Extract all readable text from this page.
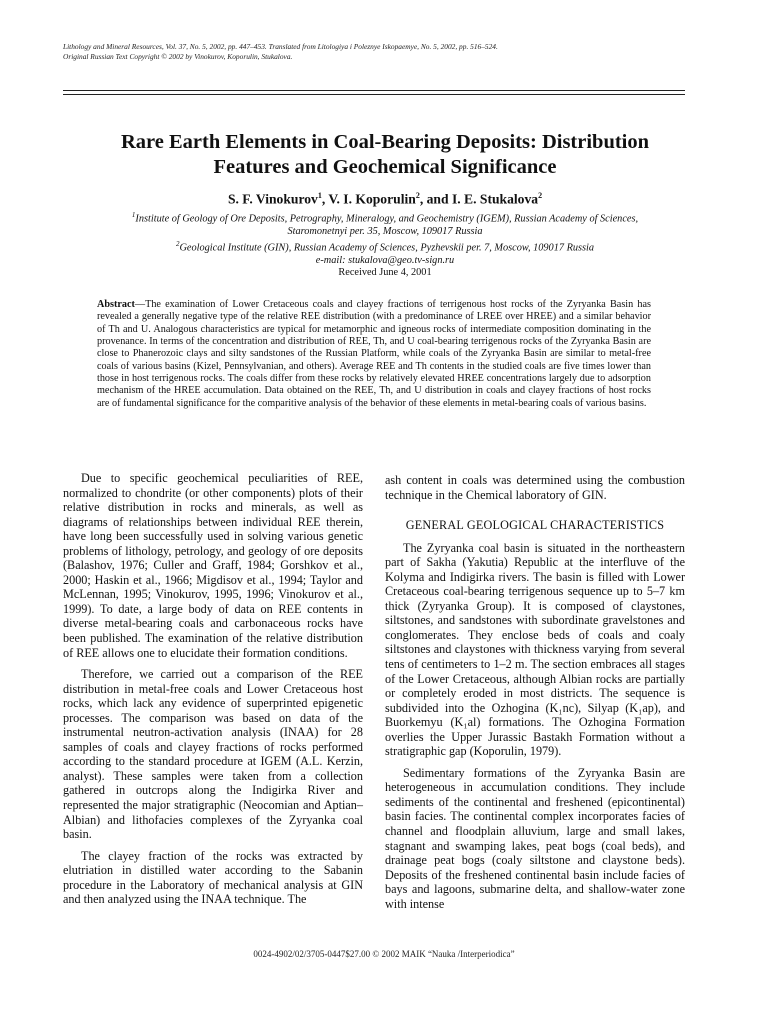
Lithology and Mineral Resources, Vol. 37, No. 5, 2002, pp. 447–453. Translated from Litologiya i Poleznye Iskopaemye, No. 5, 2002, pp. 516–524.
Original Russian Text Copyright © 2002 by Vinokurov, Koporulin, Stukalova.
Rare Earth Elements in Coal-Bearing Deposits: Distribution
Features and Geochemical Significance
S. F. Vinokurov$^1$, V. I. Koporulin$^2$, and I. E. Stukalova$^2$
$^1$Institute of Geology of Ore Deposits, Petrography, Mineralogy, and Geochemistry (IGEM), Russian Academy of Sciences,
Staromonetnyi per. 35, Moscow, 109017 Russia
$^2$Geological Institute (GIN), Russian Academy of Sciences, Pyzhevskii per. 7, Moscow, 109017 Russia
e-mail: stukalova@geo.tv-sign.ru
Received June 4, 2001
Abstract—The examination of Lower Cretaceous coals and clayey fractions of terrigenous host rocks of the Zyryanka Basin has revealed a generally negative type of the relative REE distribution (with a predominance of LREE over HREE) and a similar behavior of Th and U. Analogous characteristics are typical for metamorphic and igneous rocks of intermediate composition dominating in the provenance. In terms of the concentration and distribution of REE, Th, and U coal-bearing terrigenous rocks of the Zyryanka Basin are close to Phanerozoic clays and silty sandstones of the Russian Platform, while coals of the Zyryanka Basin are similar to metal-free coals of various basins (Kizel, Pennsylvanian, and others). Average REE and Th contents in the studied coals are five times lower than those in host terrigenous rocks. The coals differ from these rocks by relatively elevated HREE concentrations largely due to adsorption mechanism of the HREE accumulation. Data obtained on the REE, Th, and U distribution in coals and clayey fractions of host rocks are of fundamental significance for the comparitive analysis of the behavior of these elements in metal-bearing coals of various basins.

Due to specific geochemical peculiarities of REE, normalized to chondrite (or other components) plots of their relative distribution in rocks and minerals, as well as diagrams of relationships between individual REE therein, have long been successfully used in solving various genetic problems of lithology, petrology, and geology of ore deposits (Balashov, 1976; Culler and Graff, 1984; Gorshkov et al., 2000; Haskin et al., 1966; Migdisov et al., 1994; Taylor and McLennan, 1995; Vinokurov, 1995, 1996; Vinokurov et al., 1999). To date, a large body of data on REE contents in diverse metal-bearing coals and carbonaceous rocks have been published. The examination of the relative distribution of REE allows one to elucidate their formation conditions.

Therefore, we carried out a comparison of the REE distribution in metal-free coals and Lower Cretaceous host rocks, which lack any evidence of superprinted epigenetic processes. The comparison was based on data of the instrumental neutron-activation analysis (INAA) for 28 samples of coals and clayey fractions of rocks performed according to the standard procedure at IGEM (A.L. Kerzin, analyst). These samples were taken from a collection gathered in outcrops along the Indigirka River and represented the major stratigraphic (Neocomian and Aptian–Albian) and lithofacies complexes of the Zyryanka coal basin.

The clayey fraction of the rocks was extracted by elutriation in distilled water according to the Sabanin procedure in the Laboratory of mechanical analysis at GIN and then analyzed using the INAA technique. The

ash content in coals was determined using the combustion technique in the Chemical laboratory of GIN.

GENERAL GEOLOGICAL CHARACTERISTICS

The Zyryanka coal basin is situated in the northeastern part of Sakha (Yakutia) Republic at the interfluve of the Kolyma and Indigirka rivers. The basin is filled with Lower Cretaceous coal-bearing terrigenous sequence up to 5–7 km thick (Zyryanka Group). It is composed of claystones, siltstones, and sandstones with subordinate gravelstones and conglomerates. They enclose beds of coals and coaly siltstones and claystones with thickness varying from several tens of centimeters to 1–2 m. The section embraces all stages of the Lower Cretaceous, although Albian rocks are partially or completely eroded in most districts. The sequence is subdivided into the Ozhogina (K₁nc), Silyap (K₁ap), and Buorkemyu (K₁al) formations. The Ozhogina Formation overlies the Upper Jurassic Bastakh Formation without a stratigraphic gap (Koporulin, 1979).

Sedimentary formations of the Zyryanka Basin are heterogeneous in accumulation conditions. They include sediments of the continental and freshened (epicontinental) basin facies. The continental complex incorporates facies of channel and floodplain alluvium, large and small lakes, stagnant and swamping lakes, peat bogs (coal beds), and drainage peat bogs (coaly siltstone and claystone beds). Deposits of the freshened continental basin include facies of bays and lagoons, submarine delta, and shallow-water zone with intense

0024-4902/02/3705-0447$27.00 © 2002 MAIK “Nauka /Interperiodica”
